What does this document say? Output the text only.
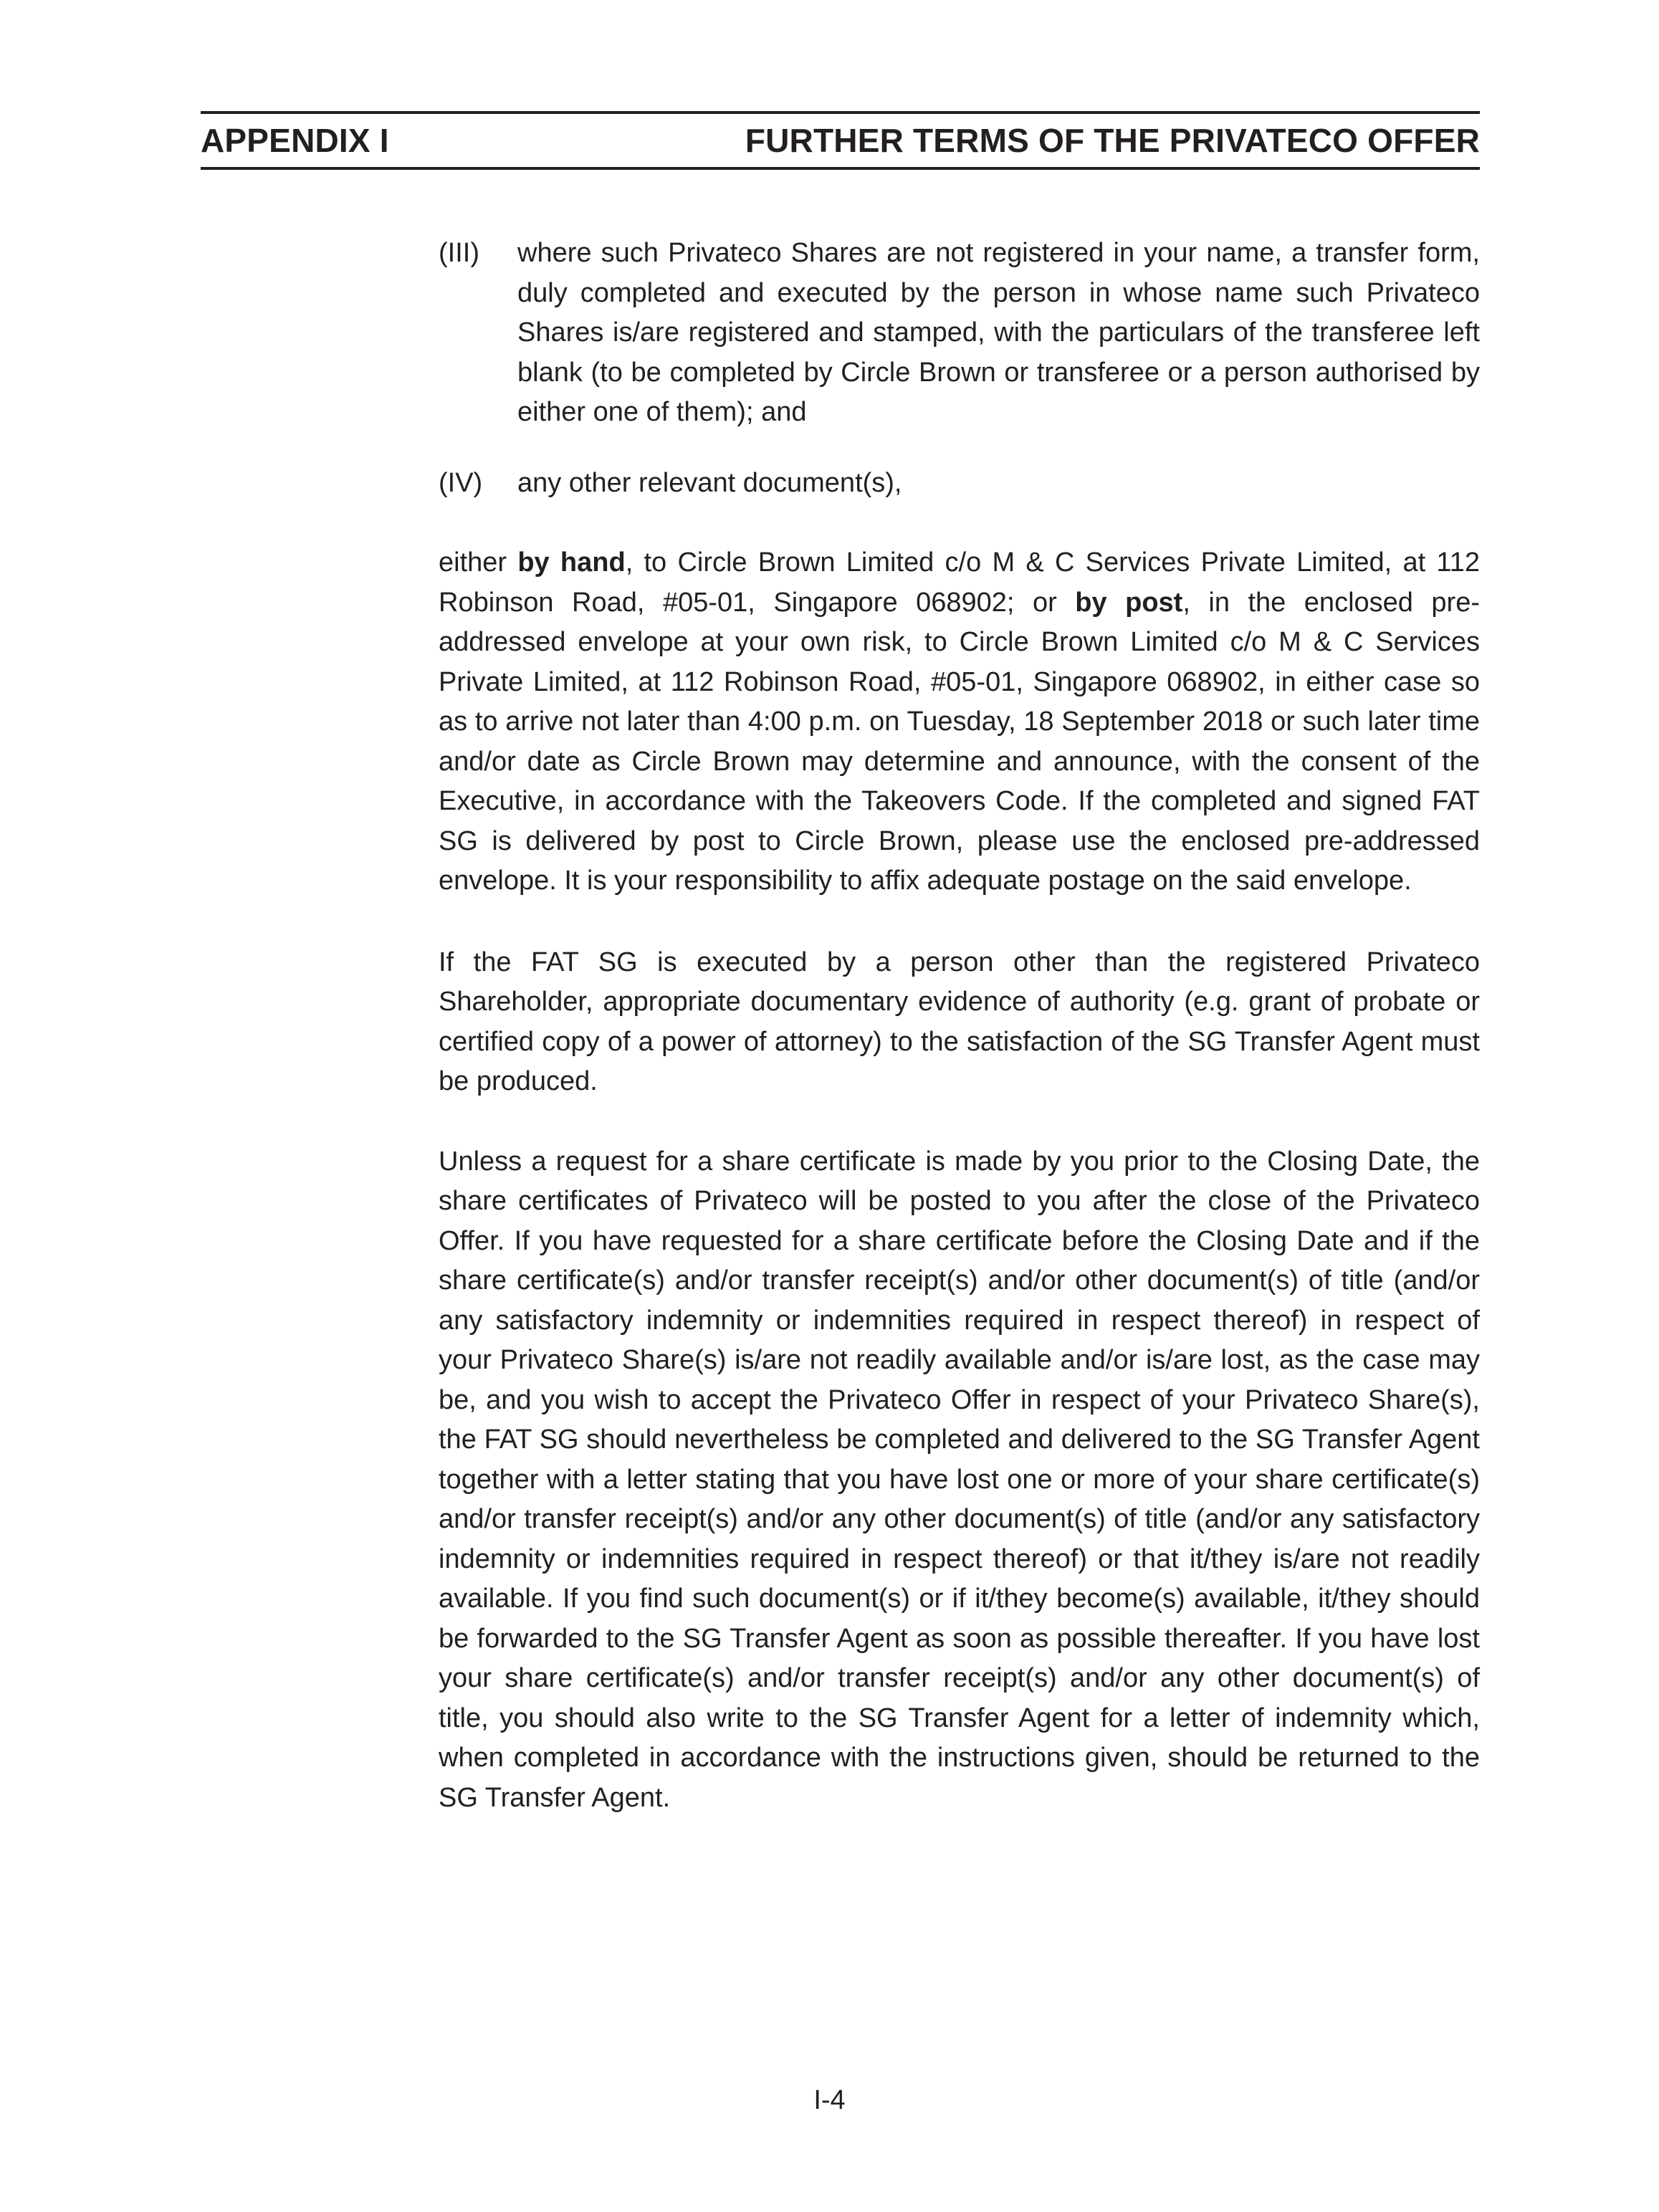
APPENDIX I	FURTHER TERMS OF THE PRIVATECO OFFER
(III) where such Privateco Shares are not registered in your name, a transfer form, duly completed and executed by the person in whose name such Privateco Shares is/are registered and stamped, with the particulars of the transferee left blank (to be completed by Circle Brown or transferee or a person authorised by either one of them); and
(IV) any other relevant document(s),

either by hand, to Circle Brown Limited c/o M & C Services Private Limited, at 112 Robinson Road, #05-01, Singapore 068902; or by post, in the enclosed pre-addressed envelope at your own risk, to Circle Brown Limited c/o M & C Services Private Limited, at 112 Robinson Road, #05-01, Singapore 068902, in either case so as to arrive not later than 4:00 p.m. on Tuesday, 18 September 2018 or such later time and/or date as Circle Brown may determine and announce, with the consent of the Executive, in accordance with the Takeovers Code. If the completed and signed FAT SG is delivered by post to Circle Brown, please use the enclosed pre-addressed envelope. It is your responsibility to affix adequate postage on the said envelope.

If the FAT SG is executed by a person other than the registered Privateco Shareholder, appropriate documentary evidence of authority (e.g. grant of probate or certified copy of a power of attorney) to the satisfaction of the SG Transfer Agent must be produced.

Unless a request for a share certificate is made by you prior to the Closing Date, the share certificates of Privateco will be posted to you after the close of the Privateco Offer. If you have requested for a share certificate before the Closing Date and if the share certificate(s) and/or transfer receipt(s) and/or other document(s) of title (and/or any satisfactory indemnity or indemnities required in respect thereof) in respect of your Privateco Share(s) is/are not readily available and/or is/are lost, as the case may be, and you wish to accept the Privateco Offer in respect of your Privateco Share(s), the FAT SG should nevertheless be completed and delivered to the SG Transfer Agent together with a letter stating that you have lost one or more of your share certificate(s) and/or transfer receipt(s) and/or any other document(s) of title (and/or any satisfactory indemnity or indemnities required in respect thereof) or that it/they is/are not readily available. If you find such document(s) or if it/they become(s) available, it/they should be forwarded to the SG Transfer Agent as soon as possible thereafter. If you have lost your share certificate(s) and/or transfer receipt(s) and/or any other document(s) of title, you should also write to the SG Transfer Agent for a letter of indemnity which, when completed in accordance with the instructions given, should be returned to the SG Transfer Agent.

I-4
